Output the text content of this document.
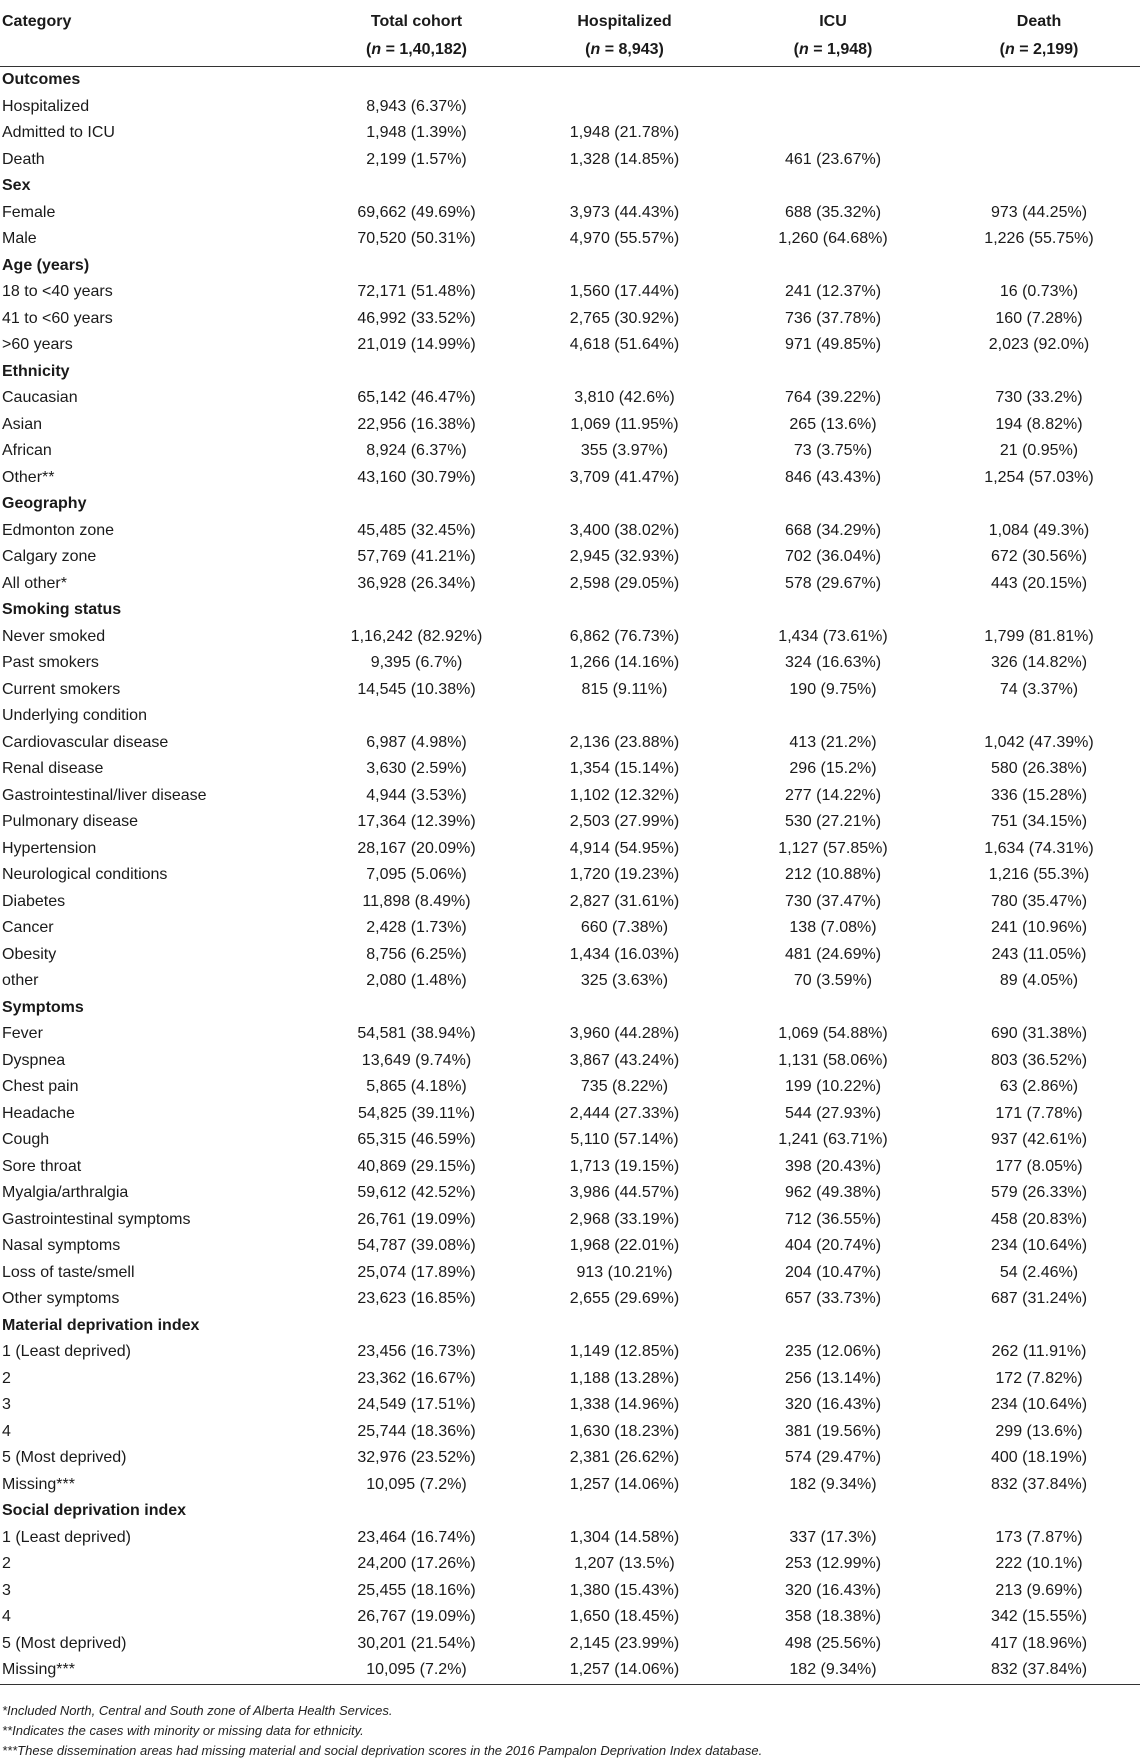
Category	Total cohort	Hospitalized	ICU	Death
	(n = 1,40,182)	(n = 8,943)	(n = 1,948)	(n = 2,199)
Outcomes				
Hospitalized	8,943 (6.37%)			
Admitted to ICU	1,948 (1.39%)	1,948 (21.78%)		
Death	2,199 (1.57%)	1,328 (14.85%)	461 (23.67%)	
Sex				
Female	69,662 (49.69%)	3,973 (44.43%)	688 (35.32%)	973 (44.25%)
Male	70,520 (50.31%)	4,970 (55.57%)	1,260 (64.68%)	1,226 (55.75%)
Age (years)				
18 to <40 years	72,171 (51.48%)	1,560 (17.44%)	241 (12.37%)	16 (0.73%)
41 to <60 years	46,992 (33.52%)	2,765 (30.92%)	736 (37.78%)	160 (7.28%)
>60 years	21,019 (14.99%)	4,618 (51.64%)	971 (49.85%)	2,023 (92.0%)
Ethnicity				
Caucasian	65,142 (46.47%)	3,810 (42.6%)	764 (39.22%)	730 (33.2%)
Asian	22,956 (16.38%)	1,069 (11.95%)	265 (13.6%)	194 (8.82%)
African	8,924 (6.37%)	355 (3.97%)	73 (3.75%)	21 (0.95%)
Other**	43,160 (30.79%)	3,709 (41.47%)	846 (43.43%)	1,254 (57.03%)
Geography				
Edmonton zone	45,485 (32.45%)	3,400 (38.02%)	668 (34.29%)	1,084 (49.3%)
Calgary zone	57,769 (41.21%)	2,945 (32.93%)	702 (36.04%)	672 (30.56%)
All other*	36,928 (26.34%)	2,598 (29.05%)	578 (29.67%)	443 (20.15%)
Smoking status				
Never smoked	1,16,242 (82.92%)	6,862 (76.73%)	1,434 (73.61%)	1,799 (81.81%)
Past smokers	9,395 (6.7%)	1,266 (14.16%)	324 (16.63%)	326 (14.82%)
Current smokers	14,545 (10.38%)	815 (9.11%)	190 (9.75%)	74 (3.37%)
Underlying condition				
Cardiovascular disease	6,987 (4.98%)	2,136 (23.88%)	413 (21.2%)	1,042 (47.39%)
Renal disease	3,630 (2.59%)	1,354 (15.14%)	296 (15.2%)	580 (26.38%)
Gastrointestinal/liver disease	4,944 (3.53%)	1,102 (12.32%)	277 (14.22%)	336 (15.28%)
Pulmonary disease	17,364 (12.39%)	2,503 (27.99%)	530 (27.21%)	751 (34.15%)
Hypertension	28,167 (20.09%)	4,914 (54.95%)	1,127 (57.85%)	1,634 (74.31%)
Neurological conditions	7,095 (5.06%)	1,720 (19.23%)	212 (10.88%)	1,216 (55.3%)
Diabetes	11,898 (8.49%)	2,827 (31.61%)	730 (37.47%)	780 (35.47%)
Cancer	2,428 (1.73%)	660 (7.38%)	138 (7.08%)	241 (10.96%)
Obesity	8,756 (6.25%)	1,434 (16.03%)	481 (24.69%)	243 (11.05%)
other	2,080 (1.48%)	325 (3.63%)	70 (3.59%)	89 (4.05%)
Symptoms				
Fever	54,581 (38.94%)	3,960 (44.28%)	1,069 (54.88%)	690 (31.38%)
Dyspnea	13,649 (9.74%)	3,867 (43.24%)	1,131 (58.06%)	803 (36.52%)
Chest pain	5,865 (4.18%)	735 (8.22%)	199 (10.22%)	63 (2.86%)
Headache	54,825 (39.11%)	2,444 (27.33%)	544 (27.93%)	171 (7.78%)
Cough	65,315 (46.59%)	5,110 (57.14%)	1,241 (63.71%)	937 (42.61%)
Sore throat	40,869 (29.15%)	1,713 (19.15%)	398 (20.43%)	177 (8.05%)
Myalgia/arthralgia	59,612 (42.52%)	3,986 (44.57%)	962 (49.38%)	579 (26.33%)
Gastrointestinal symptoms	26,761 (19.09%)	2,968 (33.19%)	712 (36.55%)	458 (20.83%)
Nasal symptoms	54,787 (39.08%)	1,968 (22.01%)	404 (20.74%)	234 (10.64%)
Loss of taste/smell	25,074 (17.89%)	913 (10.21%)	204 (10.47%)	54 (2.46%)
Other symptoms	23,623 (16.85%)	2,655 (29.69%)	657 (33.73%)	687 (31.24%)
Material deprivation index				
1 (Least deprived)	23,456 (16.73%)	1,149 (12.85%)	235 (12.06%)	262 (11.91%)
2	23,362 (16.67%)	1,188 (13.28%)	256 (13.14%)	172 (7.82%)
3	24,549 (17.51%)	1,338 (14.96%)	320 (16.43%)	234 (10.64%)
4	25,744 (18.36%)	1,630 (18.23%)	381 (19.56%)	299 (13.6%)
5 (Most deprived)	32,976 (23.52%)	2,381 (26.62%)	574 (29.47%)	400 (18.19%)
Missing***	10,095 (7.2%)	1,257 (14.06%)	182 (9.34%)	832 (37.84%)
Social deprivation index				
1 (Least deprived)	23,464 (16.74%)	1,304 (14.58%)	337 (17.3%)	173 (7.87%)
2	24,200 (17.26%)	1,207 (13.5%)	253 (12.99%)	222 (10.1%)
3	25,455 (18.16%)	1,380 (15.43%)	320 (16.43%)	213 (9.69%)
4	26,767 (19.09%)	1,650 (18.45%)	358 (18.38%)	342 (15.55%)
5 (Most deprived)	30,201 (21.54%)	2,145 (23.99%)	498 (25.56%)	417 (18.96%)
Missing***	10,095 (7.2%)	1,257 (14.06%)	182 (9.34%)	832 (37.84%)
*Included North, Central and South zone of Alberta Health Services.
**Indicates the cases with minority or missing data for ethnicity.
***These dissemination areas had missing material and social deprivation scores in the 2016 Pampalon Deprivation Index database.
